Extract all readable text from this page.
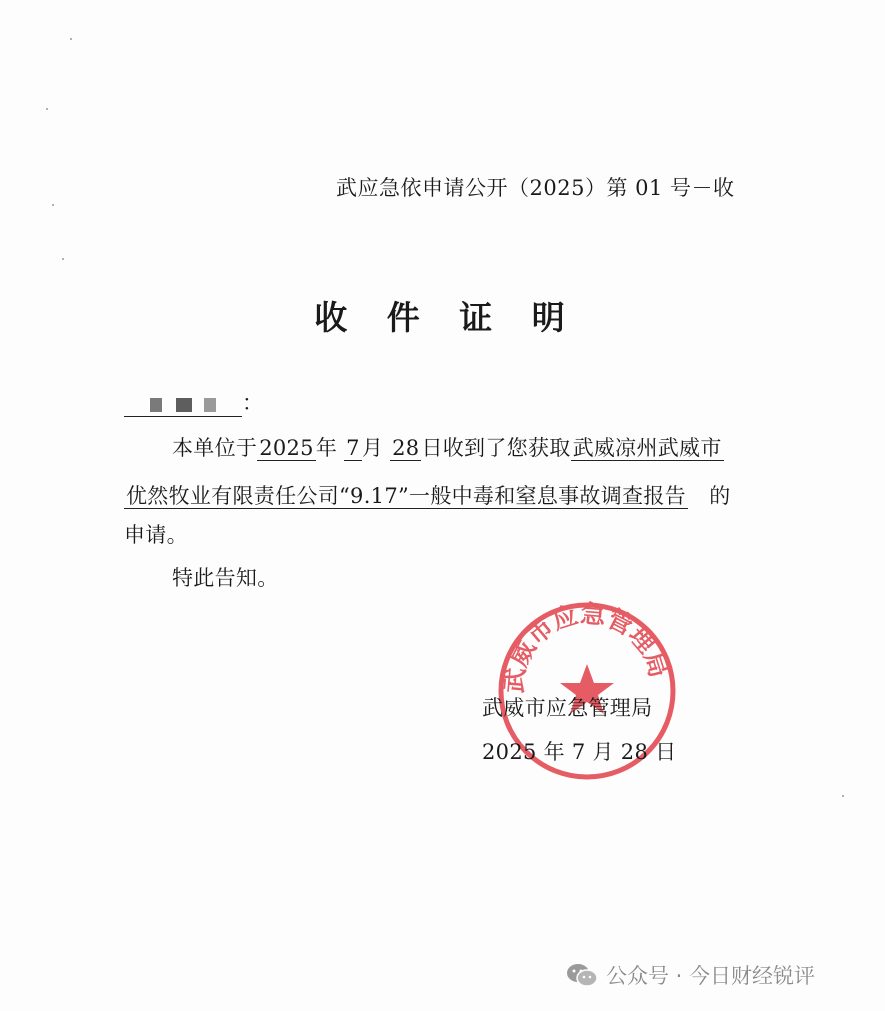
武应急依申请公开（2025）第 01 号－收
收 件 证 明
：
本单位于2025年 7月 28日收到了您获取武威凉州武威市
优然牧业有限责任公司“9.17”一般中毒和窒息事故调查报告　 的
申请。
特此告知。
武威市应急管理局
武威市应急管理局
2025 年 7 月 28 日
公众号 · 今日财经锐评
